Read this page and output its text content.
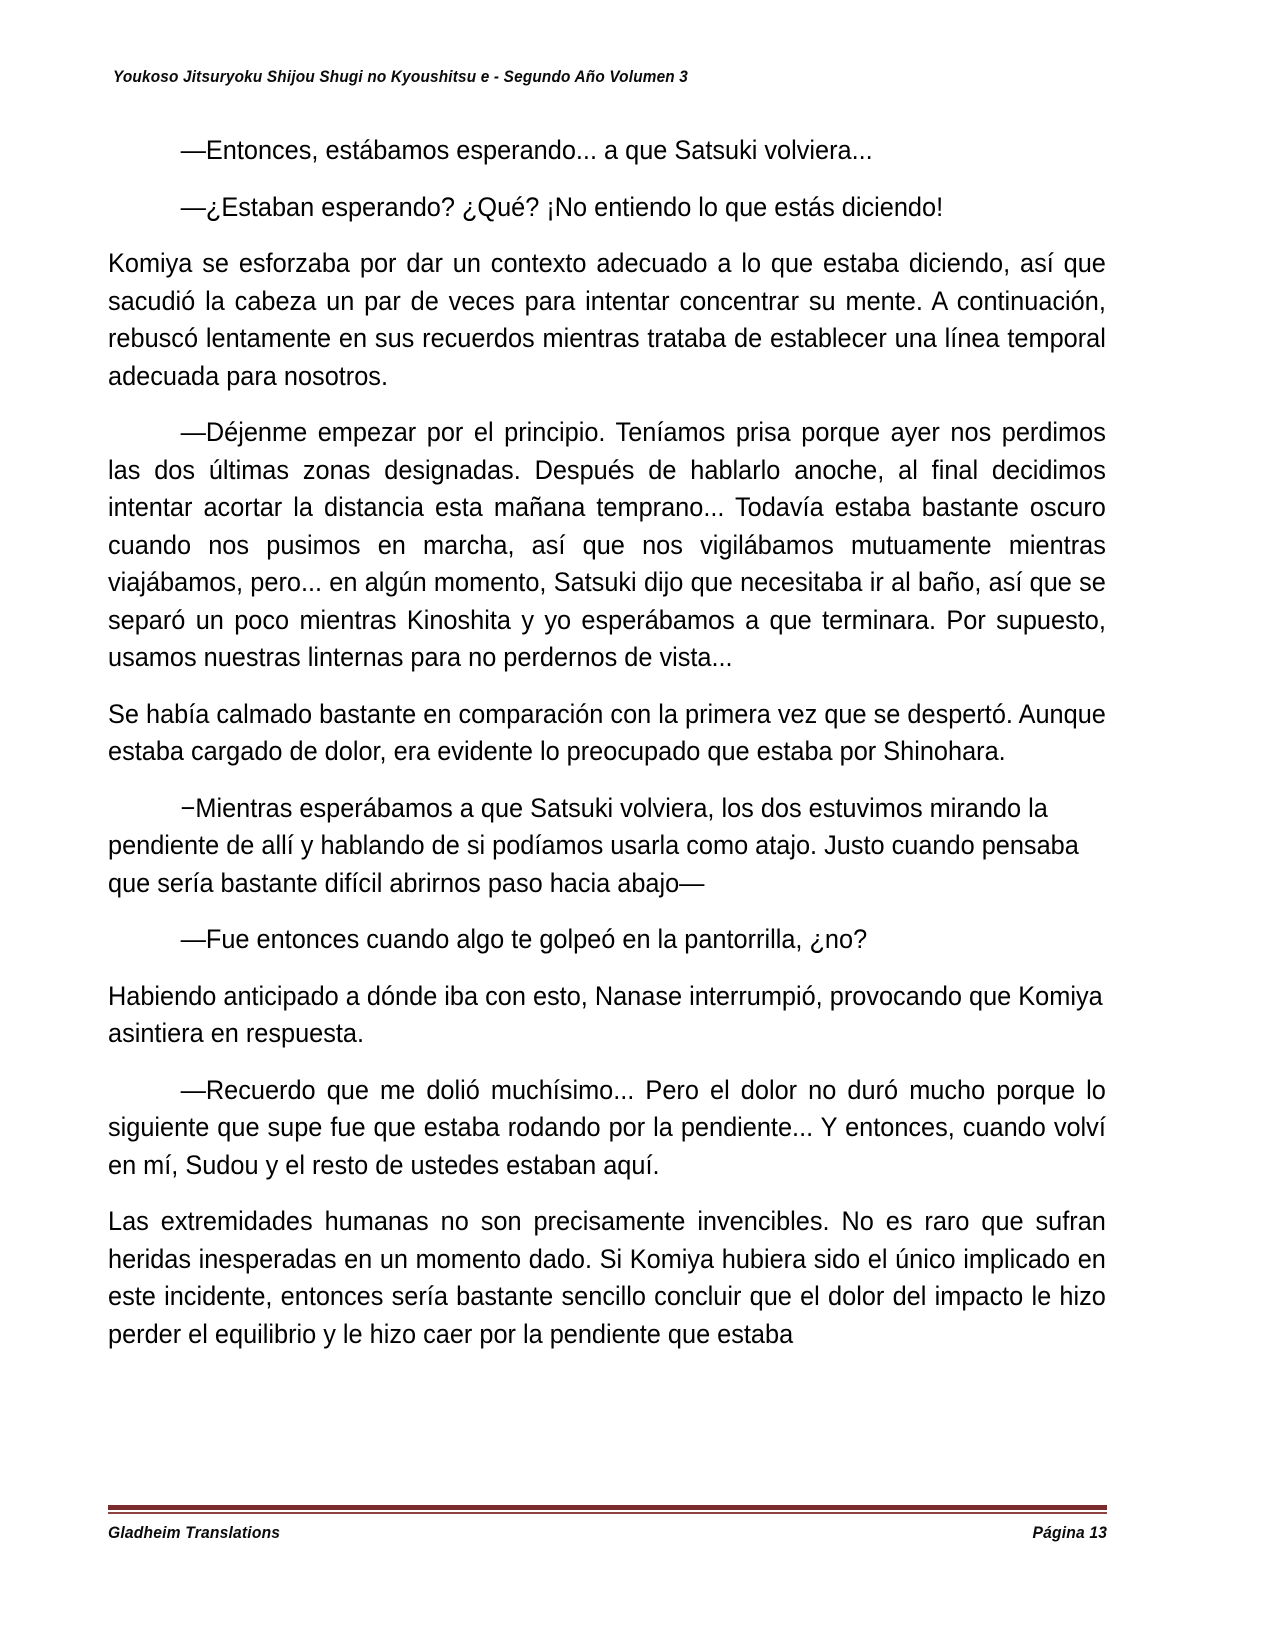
Youkoso Jitsuryoku Shijou Shugi no Kyoushitsu e - Segundo Año Volumen 3

—Entonces, estábamos esperando... a que Satsuki volviera...

—¿Estaban esperando? ¿Qué? ¡No entiendo lo que estás diciendo!

Komiya se esforzaba por dar un contexto adecuado a lo que estaba diciendo, así que sacudió la cabeza un par de veces para intentar concentrar su mente. A continuación, rebuscó lentamente en sus recuerdos mientras trataba de establecer una línea temporal adecuada para nosotros.

—Déjenme empezar por el principio. Teníamos prisa porque ayer nos perdimos las dos últimas zonas designadas. Después de hablarlo anoche, al final decidimos intentar acortar la distancia esta mañana temprano... Todavía estaba bastante oscuro cuando nos pusimos en marcha, así que nos vigilábamos mutuamente mientras viajábamos, pero... en algún momento, Satsuki dijo que necesitaba ir al baño, así que se separó un poco mientras Kinoshita y yo esperábamos a que terminara. Por supuesto, usamos nuestras linternas para no perdernos de vista...

Se había calmado bastante en comparación con la primera vez que se despertó. Aunque estaba cargado de dolor, era evidente lo preocupado que estaba por Shinohara.

−Mientras esperábamos a que Satsuki volviera, los dos estuvimos mirando la pendiente de allí y hablando de si podíamos usarla como atajo. Justo cuando pensaba que sería bastante difícil abrirnos paso hacia abajo—

—Fue entonces cuando algo te golpeó en la pantorrilla, ¿no?

Habiendo anticipado a dónde iba con esto, Nanase interrumpió, provocando que Komiya asintiera en respuesta.

—Recuerdo que me dolió muchísimo... Pero el dolor no duró mucho porque lo siguiente que supe fue que estaba rodando por la pendiente... Y entonces, cuando volví en mí, Sudou y el resto de ustedes estaban aquí.

Las extremidades humanas no son precisamente invencibles. No es raro que sufran heridas inesperadas en un momento dado. Si Komiya hubiera sido el único implicado en este incidente, entonces sería bastante sencillo concluir que el dolor del impacto le hizo perder el equilibrio y le hizo caer por la pendiente que estaba

Gladheim Translations	Página 13
